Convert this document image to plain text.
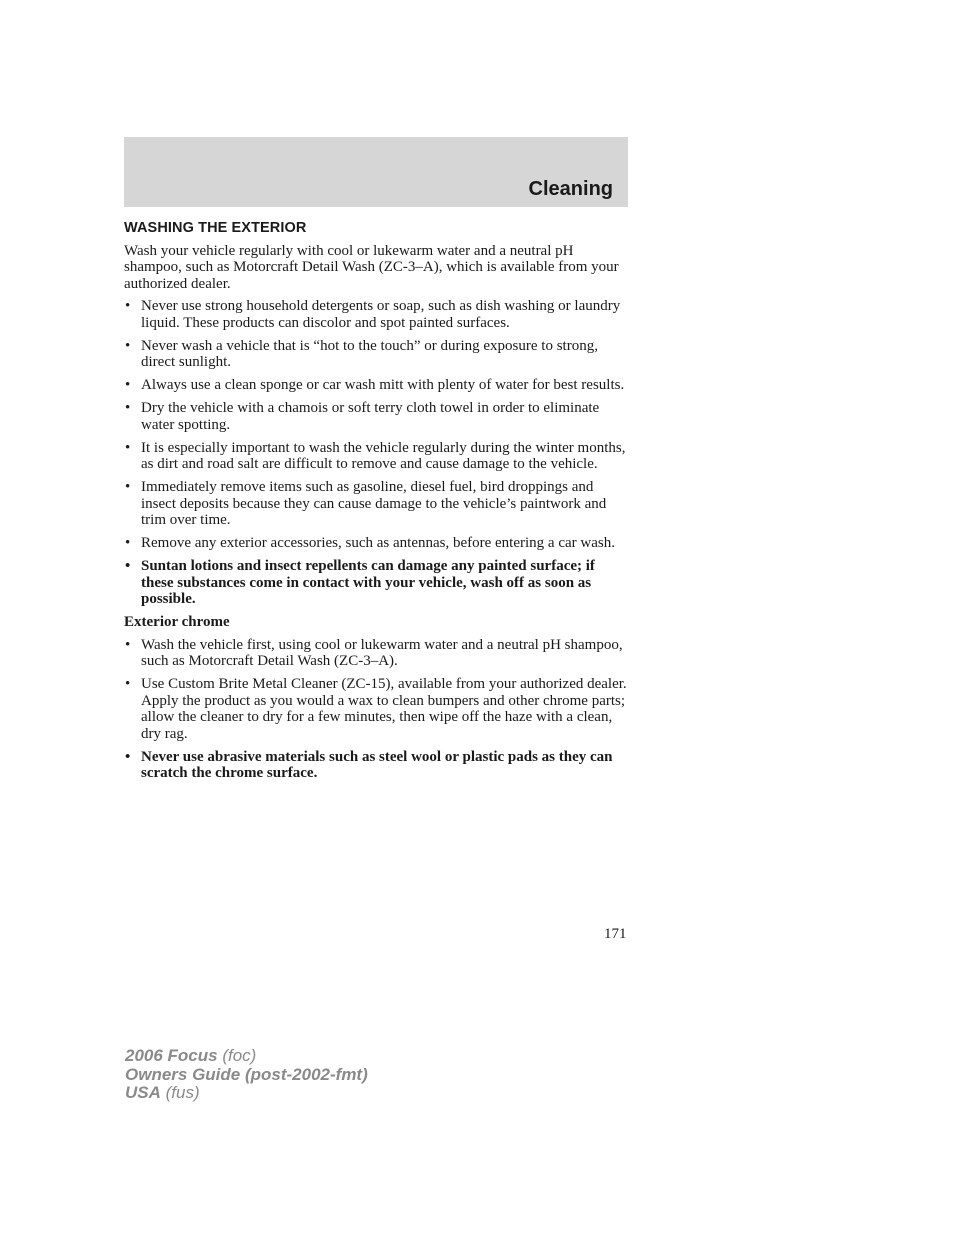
Cleaning
WASHING THE EXTERIOR

Wash your vehicle regularly with cool or lukewarm water and a neutral pH shampoo, such as Motorcraft Detail Wash (ZC-3–A), which is available from your authorized dealer.

• Never use strong household detergents or soap, such as dish washing or laundry liquid. These products can discolor and spot painted surfaces.
• Never wash a vehicle that is “hot to the touch” or during exposure to strong, direct sunlight.
• Always use a clean sponge or car wash mitt with plenty of water for best results.
• Dry the vehicle with a chamois or soft terry cloth towel in order to eliminate water spotting.
• It is especially important to wash the vehicle regularly during the winter months, as dirt and road salt are difficult to remove and cause damage to the vehicle.
• Immediately remove items such as gasoline, diesel fuel, bird droppings and insect deposits because they can cause damage to the vehicle’s paintwork and trim over time.
• Remove any exterior accessories, such as antennas, before entering a car wash.
• Suntan lotions and insect repellents can damage any painted surface; if these substances come in contact with your vehicle, wash off as soon as possible.
Exterior chrome
• Wash the vehicle first, using cool or lukewarm water and a neutral pH shampoo, such as Motorcraft Detail Wash (ZC-3–A).
• Use Custom Brite Metal Cleaner (ZC-15), available from your authorized dealer. Apply the product as you would a wax to clean bumpers and other chrome parts; allow the cleaner to dry for a few minutes, then wipe off the haze with a clean, dry rag.
• Never use abrasive materials such as steel wool or plastic pads as they can scratch the chrome surface.
171
2006 Focus (foc)
Owners Guide (post-2002-fmt)
USA (fus)
